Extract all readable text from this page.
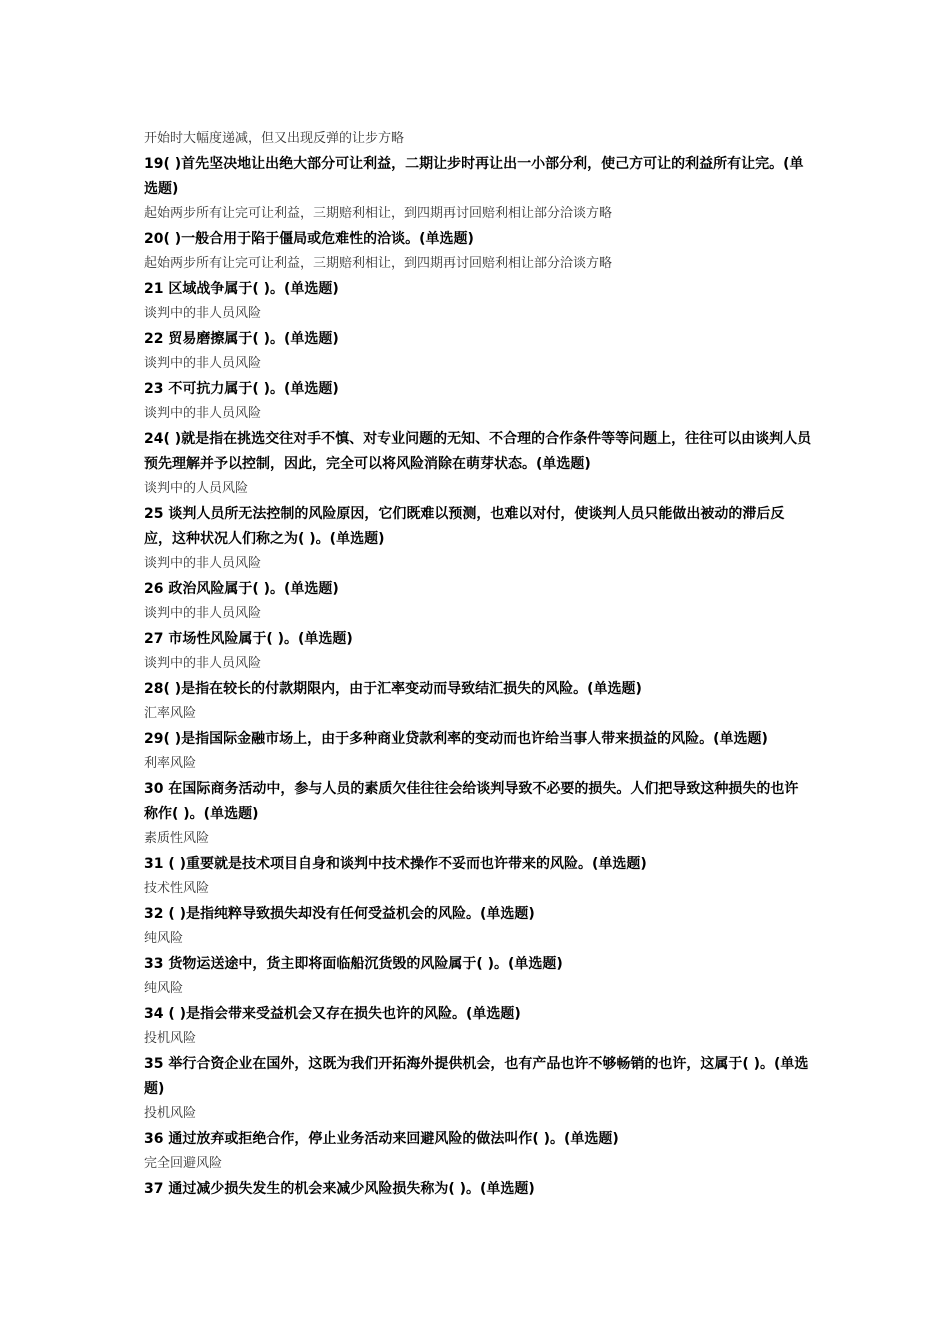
开始时大幅度递减，但又出现反弹的让步方略
19( )首先坚决地让出绝大部分可让利益，二期让步时再让出一小部分利，使己方可让的利益所有让完。(单选题)
起始两步所有让完可让利益，三期赔利相让，到四期再讨回赔利相让部分洽谈方略
20( )一般合用于陷于僵局或危难性的洽谈。(单选题)
起始两步所有让完可让利益，三期赔利相让，到四期再讨回赔利相让部分洽谈方略
21 区域战争属于( )。(单选题)
谈判中的非人员风险
22 贸易磨擦属于( )。(单选题)
谈判中的非人员风险
23 不可抗力属于( )。(单选题)
谈判中的非人员风险
24( )就是指在挑选交往对手不慎、对专业问题的无知、不合理的合作条件等等问题上，往往可以由谈判人员预先理解并予以控制，因此，完全可以将风险消除在萌芽状态。(单选题)
谈判中的人员风险
25 谈判人员所无法控制的风险原因，它们既难以预测，也难以对付，使谈判人员只能做出被动的滞后反应，这种状况人们称之为( )。(单选题)
谈判中的非人员风险
26 政治风险属于( )。(单选题)
谈判中的非人员风险
27 市场性风险属于( )。(单选题)
谈判中的非人员风险
28( )是指在较长的付款期限内，由于汇率变动而导致结汇损失的风险。(单选题)
汇率风险
29( )是指国际金融市场上，由于多种商业贷款利率的变动而也许给当事人带来损益的风险。(单选题)
利率风险
30 在国际商务活动中，参与人员的素质欠佳往往会给谈判导致不必要的损失。人们把导致这种损失的也许称作( )。(单选题)
素质性风险
31 ( )重要就是技术项目自身和谈判中技术操作不妥而也许带来的风险。(单选题)
技术性风险
32 ( )是指纯粹导致损失却没有任何受益机会的风险。(单选题)
纯风险
33 货物运送途中，货主即将面临船沉货毁的风险属于( )。(单选题)
纯风险
34 ( )是指会带来受益机会又存在损失也许的风险。(单选题)
投机风险
35 举行合资企业在国外，这既为我们开拓海外提供机会，也有产品也许不够畅销的也许，这属于( )。(单选题)
投机风险
36 通过放弃或拒绝合作，停止业务活动来回避风险的做法叫作( )。(单选题)
完全回避风险
37 通过减少损失发生的机会来减少风险损失称为( )。(单选题)
